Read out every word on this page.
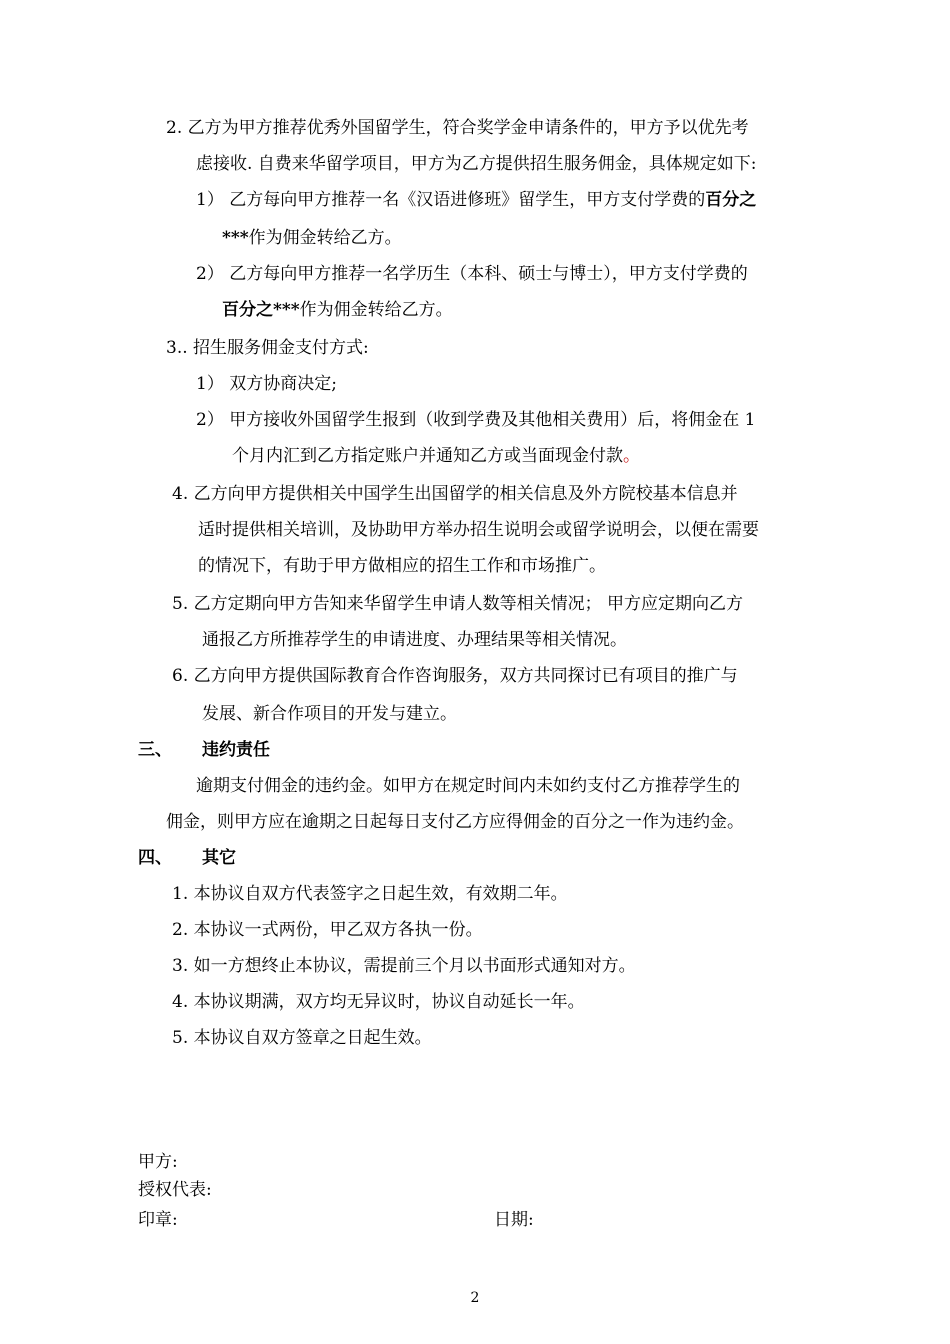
2. 乙方为甲方推荐优秀外国留学生，符合奖学金申请条件的，甲方予以优先考
虑接收. 自费来华留学项目，甲方为乙方提供招生服务佣金，具体规定如下:
1） 乙方每向甲方推荐一名《汉语进修班》留学生，甲方支付学费的百分之
***作为佣金转给乙方。
2） 乙方每向甲方推荐一名学历生（本科、硕士与博士），甲方支付学费的
百分之***作为佣金转给乙方。
3.. 招生服务佣金支付方式:
1） 双方协商决定;
2） 甲方接收外国留学生报到（收到学费及其他相关费用）后，将佣金在 1
个月内汇到乙方指定账户并通知乙方或当面现金付款。
4. 乙方向甲方提供相关中国学生出国留学的相关信息及外方院校基本信息并
适时提供相关培训，及协助甲方举办招生说明会或留学说明会，以便在需要
的情况下，有助于甲方做相应的招生工作和市场推广。
5. 乙方定期向甲方告知来华留学生申请人数等相关情况； 甲方应定期向乙方
通报乙方所推荐学生的申请进度、办理结果等相关情况。
6. 乙方向甲方提供国际教育合作咨询服务，双方共同探讨已有项目的推广与
发展、新合作项目的开发与建立。
三、 违约责任
逾期支付佣金的违约金。如甲方在规定时间内未如约支付乙方推荐学生的
佣金，则甲方应在逾期之日起每日支付乙方应得佣金的百分之一作为违约金。
四、 其它
1. 本协议自双方代表签字之日起生效，有效期二年。
2. 本协议一式两份，甲乙双方各执一份。
3. 如一方想终止本协议，需提前三个月以书面形式通知对方。
4. 本协议期满，双方均无异议时，协议自动延长一年。
5. 本协议自双方签章之日起生效。
甲方:
授权代表:
印章:	日期:
2
